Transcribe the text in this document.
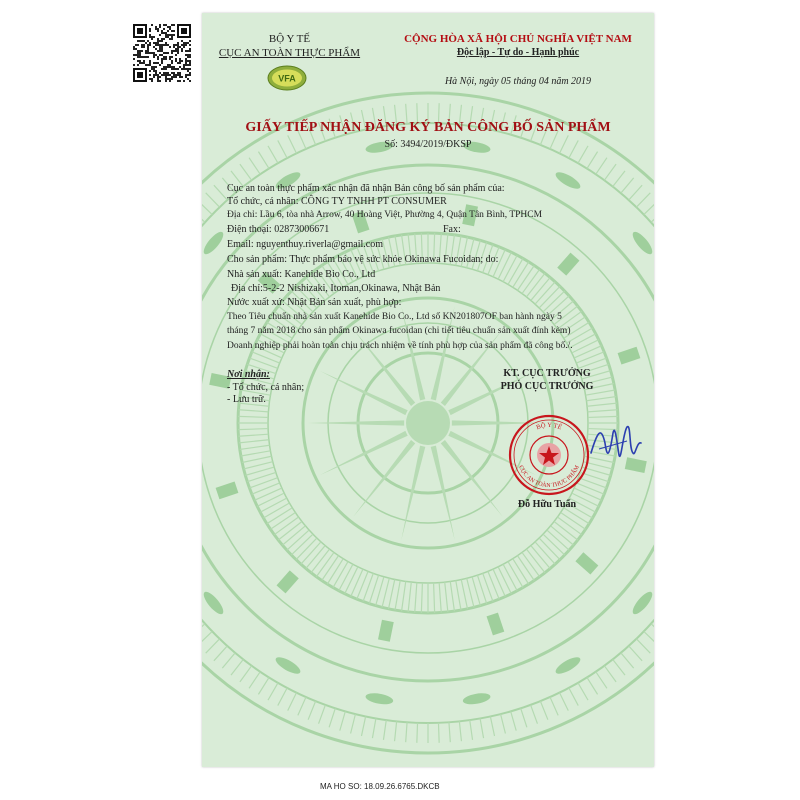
VFA
BỘ Y TẾ
CỤC AN TOÀN THỰC PHẨM
CỘNG HÒA XÃ HỘI CHỦ NGHĨA VIỆT NAM
Độc lập - Tự do - Hạnh phúc
Hà Nội, ngày 05 tháng 04 năm 2019
GIẤY TIẾP NHẬN ĐĂNG KÝ BẢN CÔNG BỐ SẢN PHẨM
Số: 3494/2019/ĐKSP
Cục an toàn thực phẩm xác nhận đã nhận Bản công bố sản phẩm của:
Tổ chức, cá nhân: CÔNG TY TNHH PT CONSUMER
Địa chỉ: Lầu 6, tòa nhà Arrow, 40 Hoàng Việt, Phường 4, Quận Tân Bình, TPHCM
Điện thoại: 02873006671	Fax:
Email: nguyenthuy.riverla@gmail.com
Cho sản phẩm: Thực phẩm bảo vệ sức khỏe Okinawa Fucoidan; do:
Nhà sản xuất: Kanehide Bio Co., Ltd
Địa chỉ:5-2-2 Nishizaki, Itoman,Okinawa, Nhật Bản
Nước xuất xứ: Nhật Bản sản xuất, phù hợp:
Theo Tiêu chuẩn nhà sản xuất Kanehide Bio Co., Ltd số KN201807OF ban hành ngày 5
tháng 7 năm 2018 cho sản phẩm Okinawa fucoidan (chi tiết tiêu chuẩn sản xuất đính kèm)
Doanh nghiệp phải hoàn toàn chịu trách nhiệm về tính phù hợp của sản phẩm đã công bố./.
Nơi nhận:
- Tổ chức, cá nhân;
- Lưu trữ.
KT. CỤC TRƯỞNG
PHÓ CỤC TRƯỞNG
BỘ Y TẾ
CỤC AN TOÀN THỰC PHẨM
Đỗ Hữu Tuấn
MA HO SO: 18.09.26.6765.DKCB
